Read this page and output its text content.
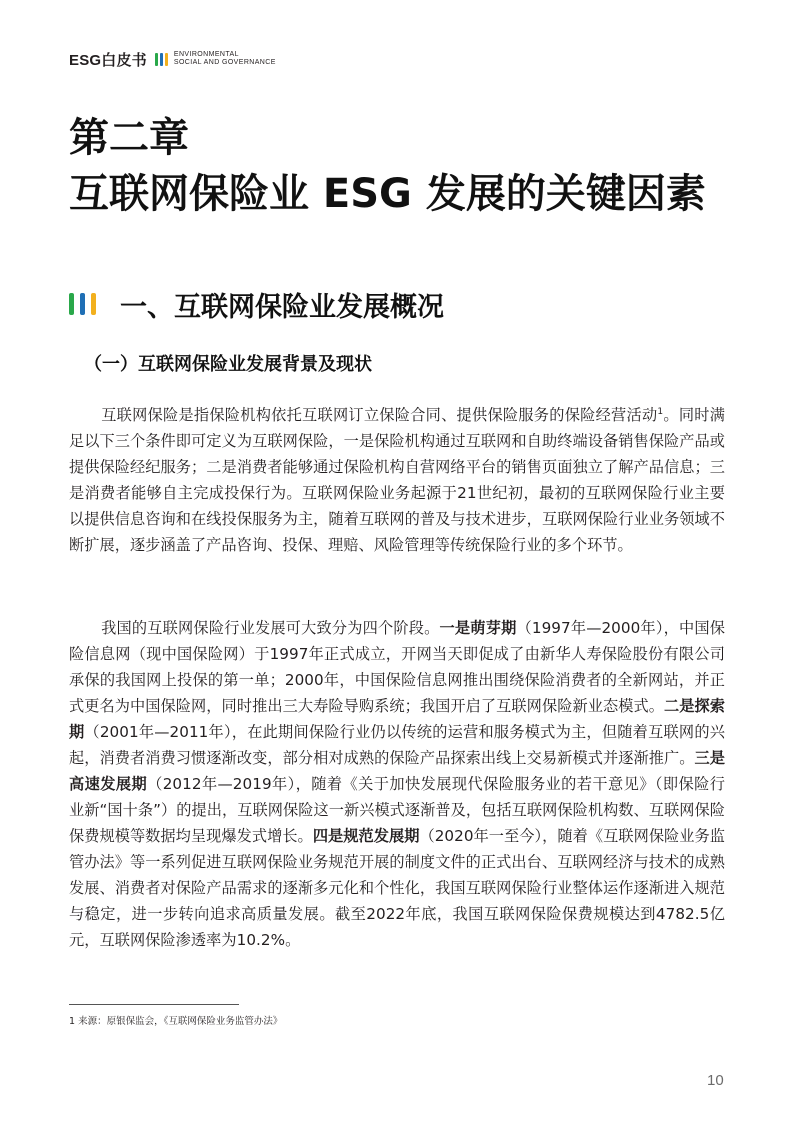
ESG白皮书	ENVIRONMENTAL
SOCIAL AND GOVERNANCE
第二章
互联网保险业 ESG 发展的关键因素
一、互联网保险业发展概况
（一）互联网保险业发展背景及现状

互联网保险是指保险机构依托互联网订立保险合同、提供保险服务的保险经营活动$^1$。同时满足以下三个条件即可定义为互联网保险，一是保险机构通过互联网和自助终端设备销售保险产品或提供保险经纪服务；二是消费者能够通过保险机构自营网络平台的销售页面独立了解产品信息；三是消费者能够自主完成投保行为。互联网保险业务起源于21世纪初，最初的互联网保险行业主要以提供信息咨询和在线投保服务为主，随着互联网的普及与技术进步，互联网保险行业业务领域不断扩展，逐步涵盖了产品咨询、投保、理赔、风险管理等传统保险行业的多个环节。

我国的互联网保险行业发展可大致分为四个阶段。一是萌芽期（1997年—2000年），中国保险信息网（现中国保险网）于1997年正式成立，开网当天即促成了由新华人寿保险股份有限公司承保的我国网上投保的第一单；2000年，中国保险信息网推出围绕保险消费者的全新网站，并正式更名为中国保险网，同时推出三大寿险导购系统；我国开启了互联网保险新业态模式。二是探索期（2001年—2011年），在此期间保险行业仍以传统的运营和服务模式为主，但随着互联网的兴起，消费者消费习惯逐渐改变，部分相对成熟的保险产品探索出线上交易新模式并逐渐推广。三是高速发展期（2012年—2019年），随着《关于加快发展现代保险服务业的若干意见》（即保险行业新“国十条”）的提出，互联网保险这一新兴模式逐渐普及，包括互联网保险机构数、互联网保险保费规模等数据均呈现爆发式增长。四是规范发展期（2020年一至今），随着《互联网保险业务监管办法》等一系列促进互联网保险业务规范开展的制度文件的正式出台、互联网经济与技术的成熟发展、消费者对保险产品需求的逐渐多元化和个性化，我国互联网保险行业整体运作逐渐进入规范与稳定，进一步转向追求高质量发展。截至2022年底，我国互联网保险保费规模达到4782.5亿元，互联网保险渗透率为10.2%。

1 来源：原银保监会，《互联网保险业务监管办法》
10
